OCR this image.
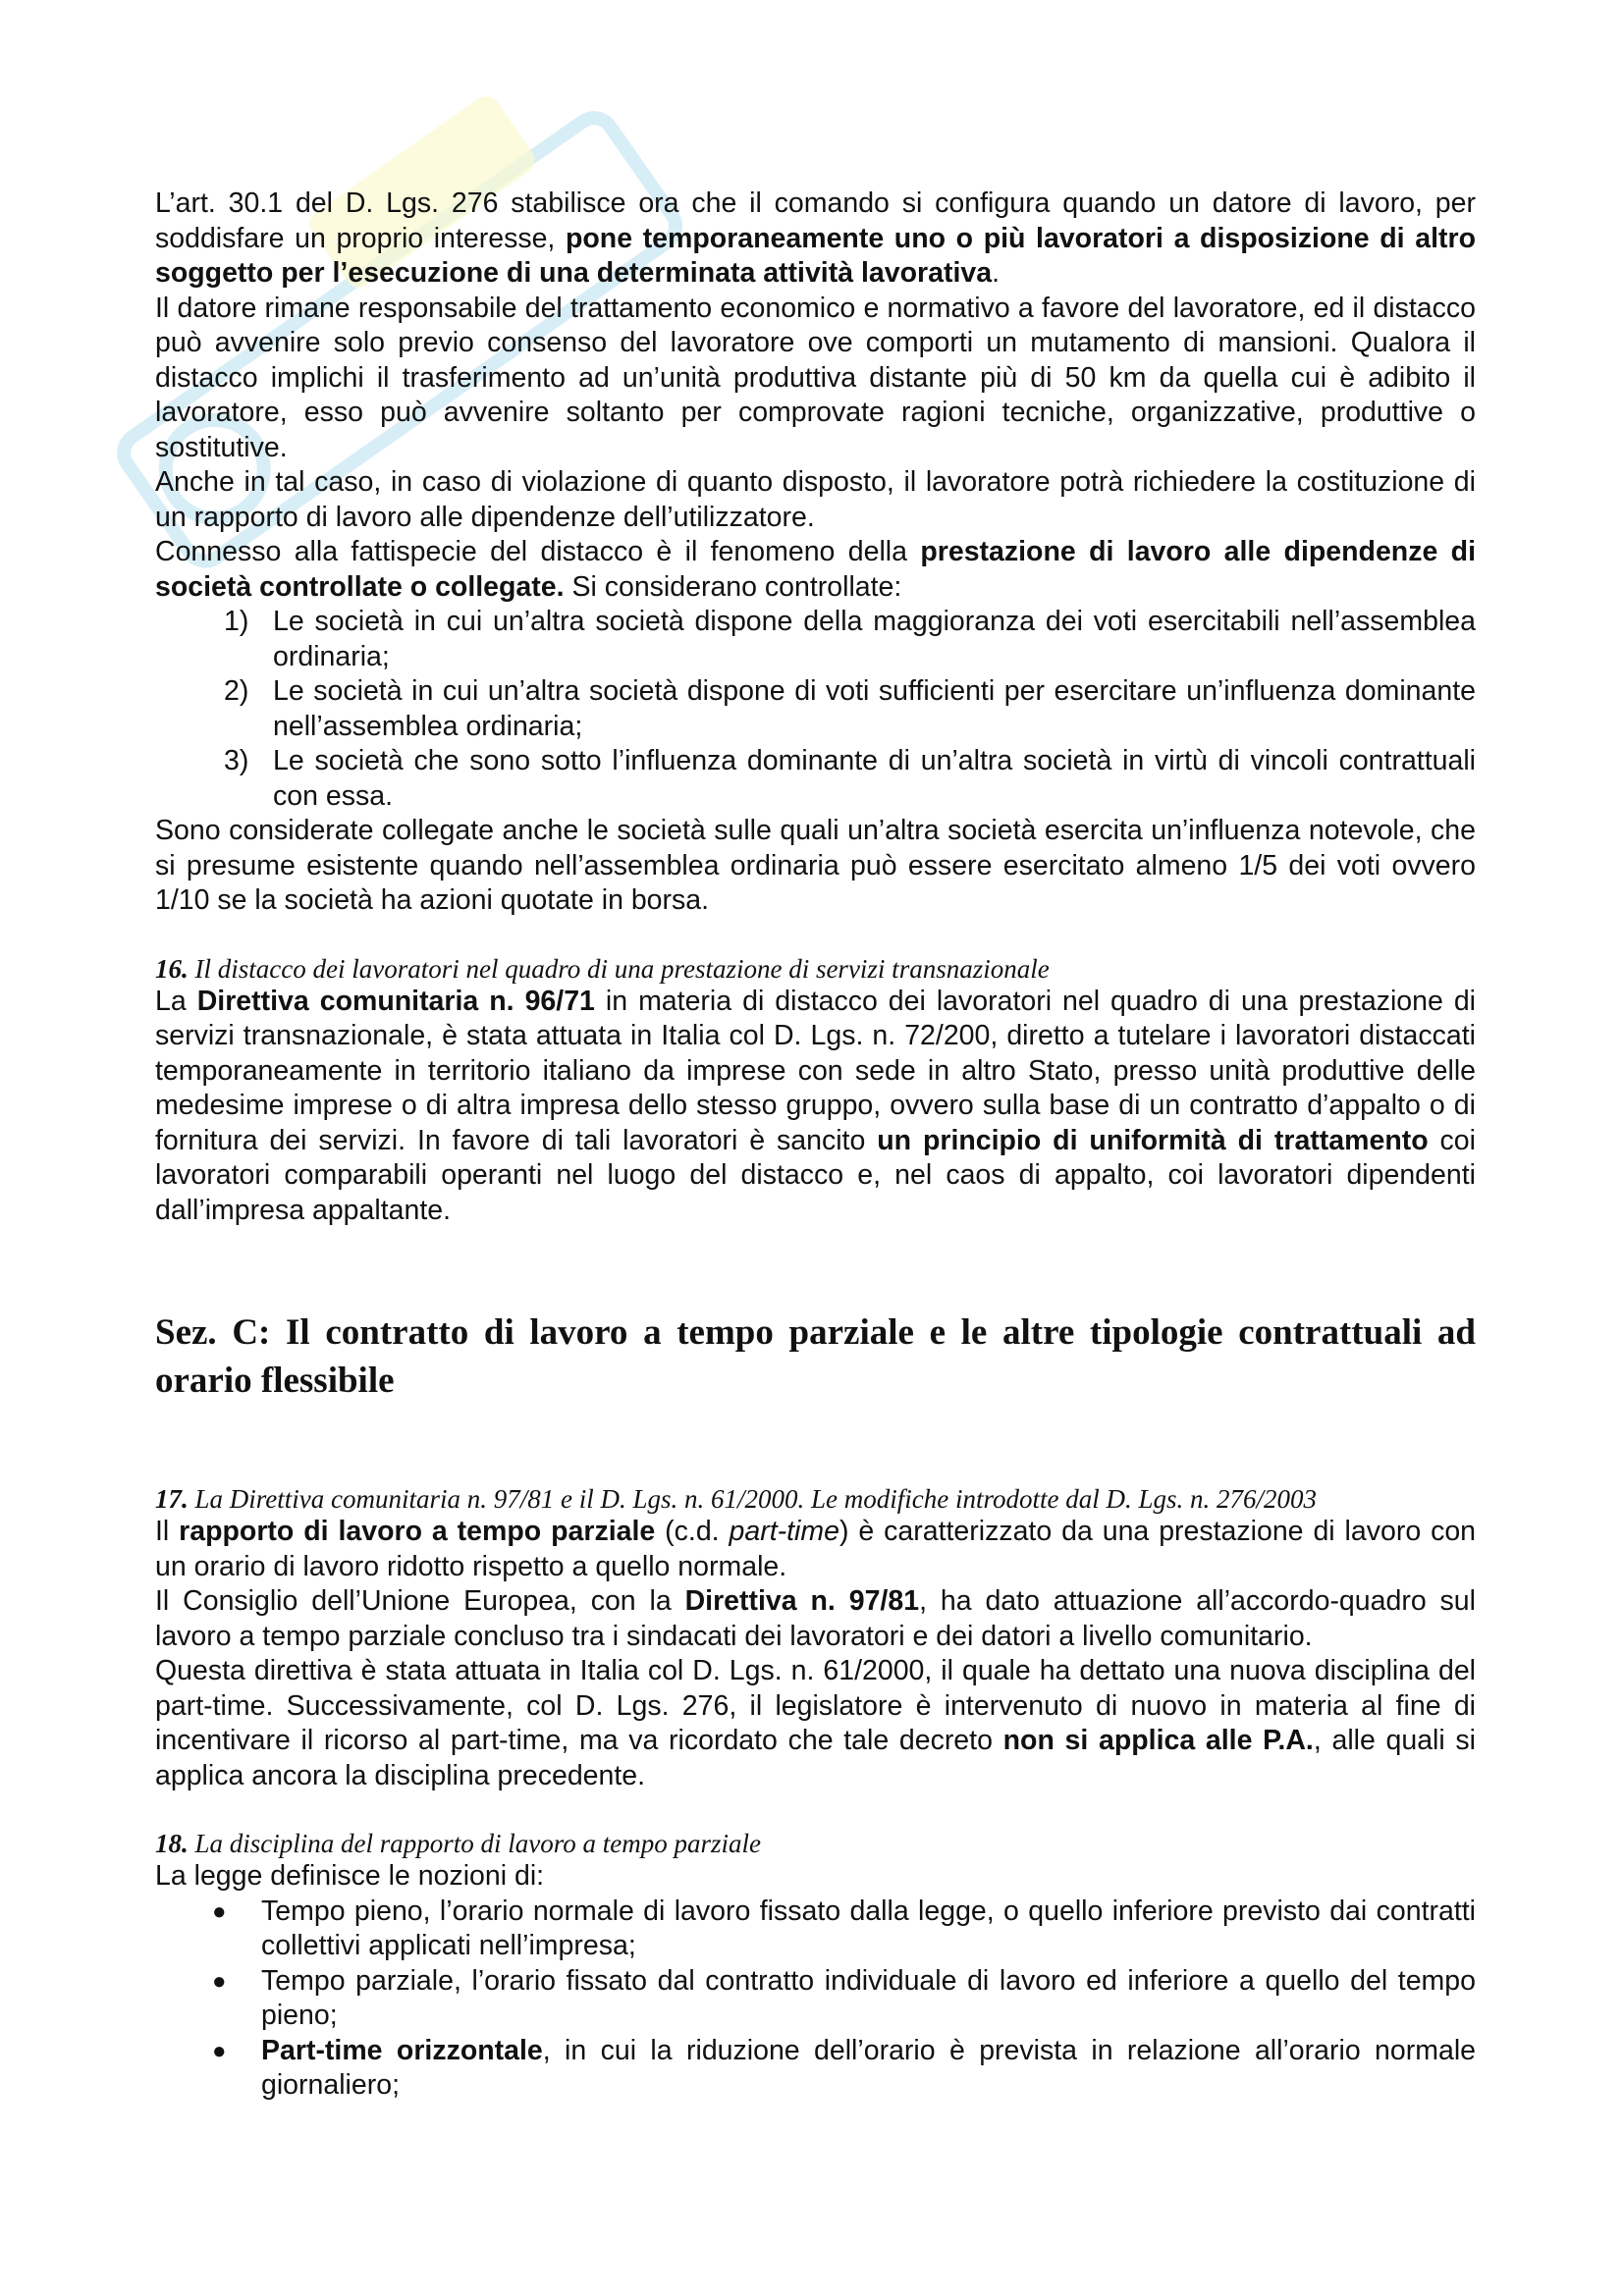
L’art. 30.1 del D. Lgs. 276 stabilisce ora che il comando si configura quando un datore di lavoro, per soddisfare un proprio interesse, pone temporaneamente uno o più lavoratori a disposizione di altro soggetto per l’esecuzione di una determinata attività lavorativa.

Il datore rimane responsabile del trattamento economico e normativo a favore del lavoratore, ed il distacco può avvenire solo previo consenso del lavoratore ove comporti un mutamento di mansioni. Qualora il distacco implichi il trasferimento ad un’unità produttiva distante più di 50 km da quella cui è adibito il lavoratore, esso può avvenire soltanto per comprovate ragioni tecniche, organizzative, produttive o sostitutive.

Anche in tal caso, in caso di violazione di quanto disposto, il lavoratore potrà richiedere la costituzione di un rapporto di lavoro alle dipendenze dell’utilizzatore.

Connesso alla fattispecie del distacco è il fenomeno della prestazione di lavoro alle dipendenze di società controllate o collegate. Si considerano controllate:

1) Le società in cui un’altra società dispone della maggioranza dei voti esercitabili nell’assemblea ordinaria;
2) Le società in cui un’altra società dispone di voti sufficienti per esercitare un’influenza dominante nell’assemblea ordinaria;
3) Le società che sono sotto l’influenza dominante di un’altra società in virtù di vincoli contrattuali con essa.

Sono considerate collegate anche le società sulle quali un’altra società esercita un’influenza notevole, che si presume esistente quando nell’assemblea ordinaria può essere esercitato almeno 1/5 dei voti ovvero 1/10 se la società ha azioni quotate in borsa.

16. Il distacco dei lavoratori nel quadro di una prestazione di servizi transnazionale

La Direttiva comunitaria n. 96/71 in materia di distacco dei lavoratori nel quadro di una prestazione di servizi transnazionale, è stata attuata in Italia col D. Lgs. n. 72/200, diretto a tutelare i lavoratori distaccati temporaneamente in territorio italiano da imprese con sede in altro Stato, presso unità produttive delle medesime imprese o di altra impresa dello stesso gruppo, ovvero sulla base di un contratto d’appalto o di fornitura dei servizi. In favore di tali lavoratori è sancito un principio di uniformità di trattamento coi lavoratori comparabili operanti nel luogo del distacco e, nel caos di appalto, coi lavoratori dipendenti dall’impresa appaltante.

Sez. C: Il contratto di lavoro a tempo parziale e le altre tipologie contrattuali ad orario flessibile

17. La Direttiva comunitaria n. 97/81 e il D. Lgs. n. 61/2000. Le modifiche introdotte dal D. Lgs. n. 276/2003

Il rapporto di lavoro a tempo parziale (c.d. part-time) è caratterizzato da una prestazione di lavoro con un orario di lavoro ridotto rispetto a quello normale.

Il Consiglio dell’Unione Europea, con la Direttiva n. 97/81, ha dato attuazione all’accordo-quadro sul lavoro a tempo parziale concluso tra i sindacati dei lavoratori e dei datori a livello comunitario.

Questa direttiva è stata attuata in Italia col D. Lgs. n. 61/2000, il quale ha dettato una nuova disciplina del part-time. Successivamente, col D. Lgs. 276, il legislatore è intervenuto di nuovo in materia al fine di incentivare il ricorso al part-time, ma va ricordato che tale decreto non si applica alle P.A., alle quali si applica ancora la disciplina precedente.

18. La disciplina del rapporto di lavoro a tempo parziale

La legge definisce le nozioni di:

● Tempo pieno, l’orario normale di lavoro fissato dalla legge, o quello inferiore previsto dai contratti collettivi applicati nell’impresa;
● Tempo parziale, l’orario fissato dal contratto individuale di lavoro ed inferiore a quello del tempo pieno;
● Part-time orizzontale, in cui la riduzione dell’orario è prevista in relazione all’orario normale giornaliero;
